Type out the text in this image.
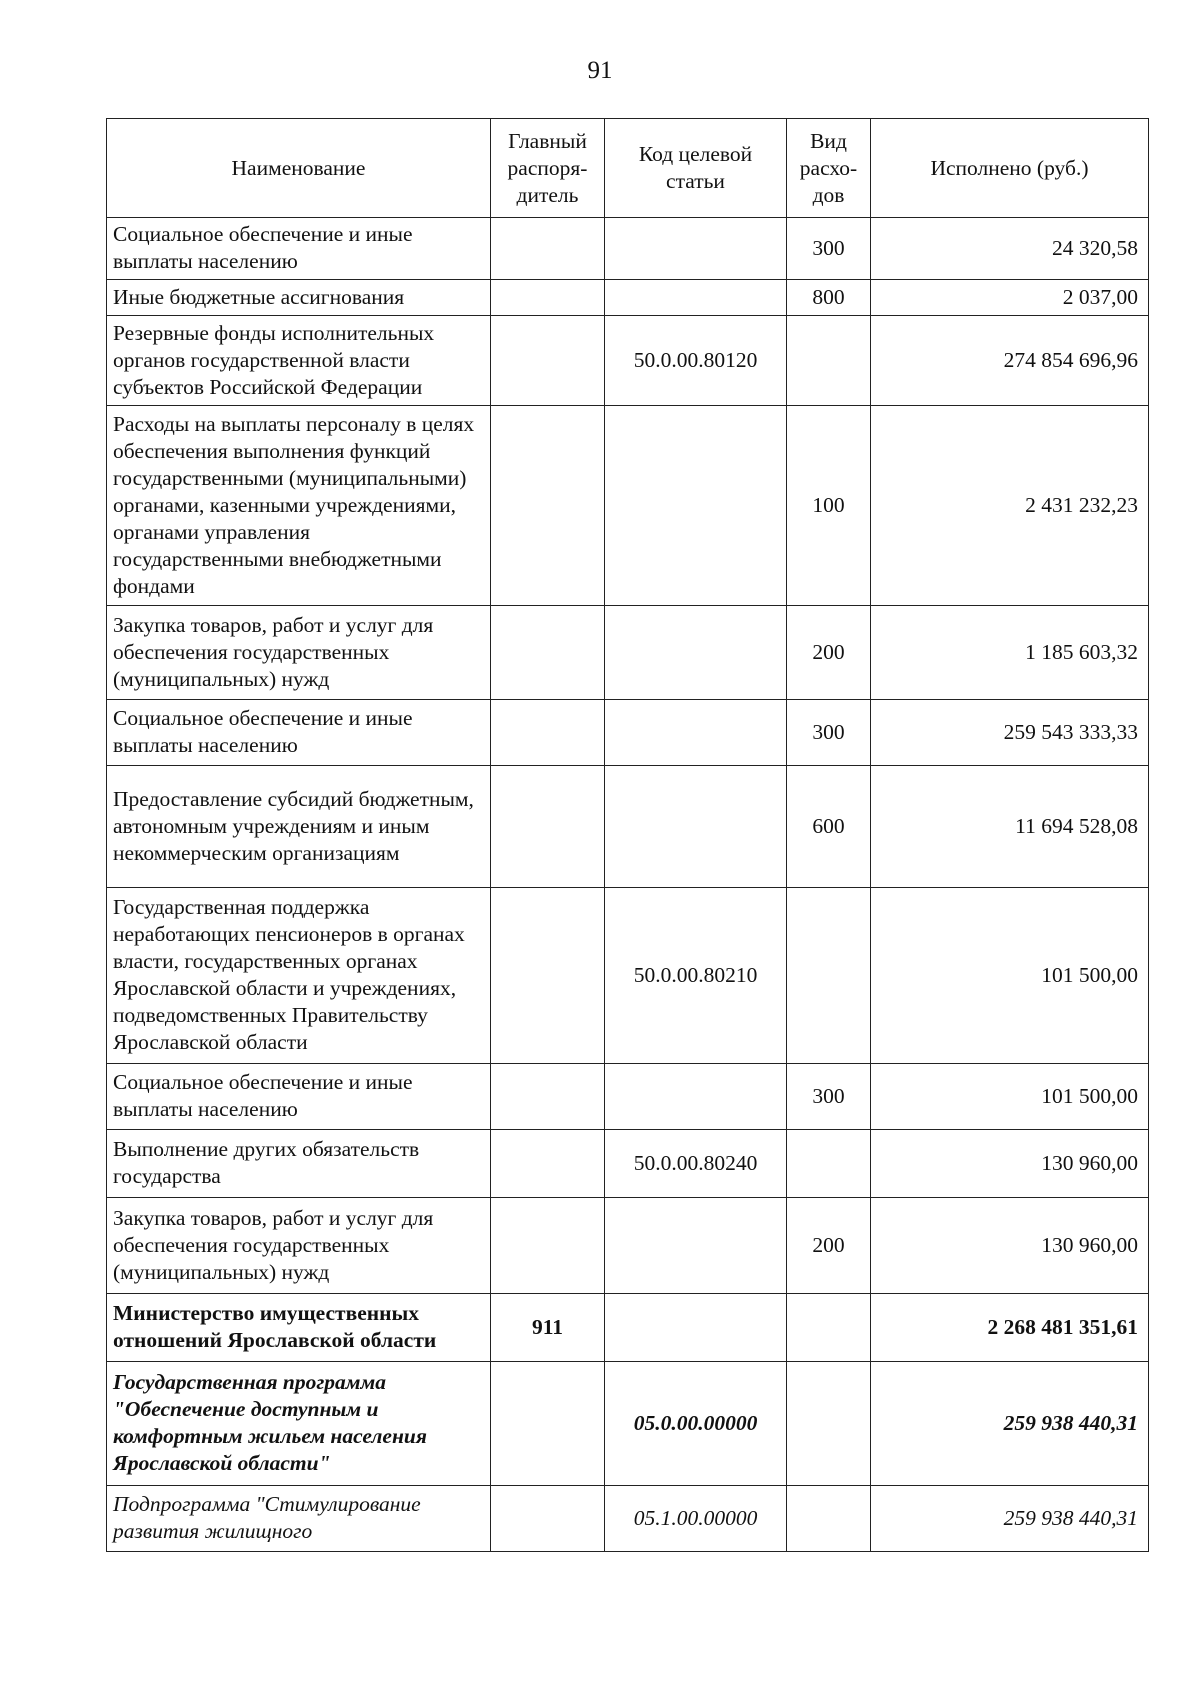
91
Наименование	Главный распоря-дитель	Код целевой статьи	Вид расхо-дов	Исполнено (руб.)
Социальное обеспечение и иные выплаты населению			300	24 320,58
Иные бюджетные ассигнования			800	2 037,00
Резервные фонды исполнительных органов государственной власти субъектов Российской Федерации		50.0.00.80120		274 854 696,96
Расходы на выплаты персоналу в целях обеспечения выполнения функций государственными (муниципальными) органами, казенными учреждениями, органами управления государственными внебюджетными фондами			100	2 431 232,23
Закупка товаров, работ и услуг для обеспечения государственных (муниципальных) нужд			200	1 185 603,32
Социальное обеспечение и иные выплаты населению			300	259 543 333,33
Предоставление субсидий бюджетным, автономным учреждениям и иным некоммерческим организациям			600	11 694 528,08
Государственная поддержка неработающих пенсионеров в органах власти, государственных органах Ярославской области и учреждениях, подведомственных Правительству Ярославской области		50.0.00.80210		101 500,00
Социальное обеспечение и иные выплаты населению			300	101 500,00
Выполнение других обязательств государства		50.0.00.80240		130 960,00
Закупка товаров, работ и услуг для обеспечения государственных (муниципальных) нужд			200	130 960,00
Министерство имущественных отношений Ярославской области	911			2 268 481 351,61
Государственная программа "Обеспечение доступным и комфортным жильем населения Ярославской области"		05.0.00.00000		259 938 440,31
Подпрограмма "Стимулирование развития жилищного		05.1.00.00000		259 938 440,31
